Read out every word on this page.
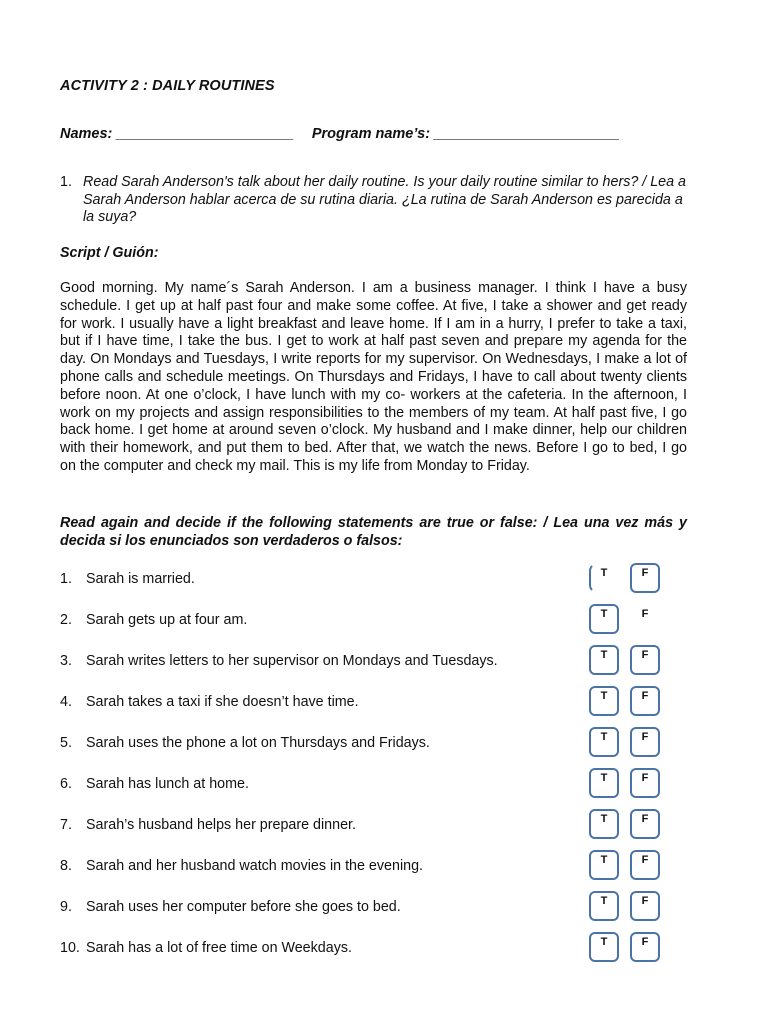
ACTIVITY 2 : DAILY ROUTINES
Names: ______________________ Program name’s: _______________________
1. Read Sarah Anderson's talk about her daily routine. Is your daily routine similar to hers? / Lea a Sarah Anderson hablar acerca de su rutina diaria. ¿La rutina de Sarah Anderson es parecida a la suya?
Script / Guión:
Good morning. My name´s Sarah Anderson. I am a business manager. I think I have a busy schedule. I get up at half past four and make some coffee. At five, I take a shower and get ready for work. I usually have a light breakfast and leave home. If I am in a hurry, I prefer to take a taxi, but if I have time, I take the bus. I get to work at half past seven and prepare my agenda for the day. On Mondays and Tuesdays, I write reports for my supervisor. On Wednesdays, I make a lot of phone calls and schedule meetings. On Thursdays and Fridays, I have to call about twenty clients before noon. At one o’clock, I have lunch with my co- workers at the cafeteria. In the afternoon, I work on my projects and assign responsibilities to the members of my team. At half past five, I go back home. I get home at around seven o’clock. My husband and I make dinner, help our children with their homework, and put them to bed. After that, we watch the news. Before I go to bed, I go on the computer and check my mail. This is my life from Monday to Friday.
Read again and decide if the following statements are true or false: / Lea una vez más y decida si los enunciados son verdaderos o falsos:
1. Sarah is married.	T	F
2. Sarah gets up at four am.	T	F
3. Sarah writes letters to her supervisor on Mondays and Tuesdays.	T	F
4. Sarah takes a taxi if she doesn’t have time.	T	F
5. Sarah uses the phone a lot on Thursdays and Fridays.	T	F
6. Sarah has lunch at home.	T	F
7. Sarah’s husband helps her prepare dinner.	T	F
8. Sarah and her husband watch movies in the evening.	T	F
9. Sarah uses her computer before she goes to bed.	T	F
10. Sarah has a lot of free time on Weekdays.	T	F
